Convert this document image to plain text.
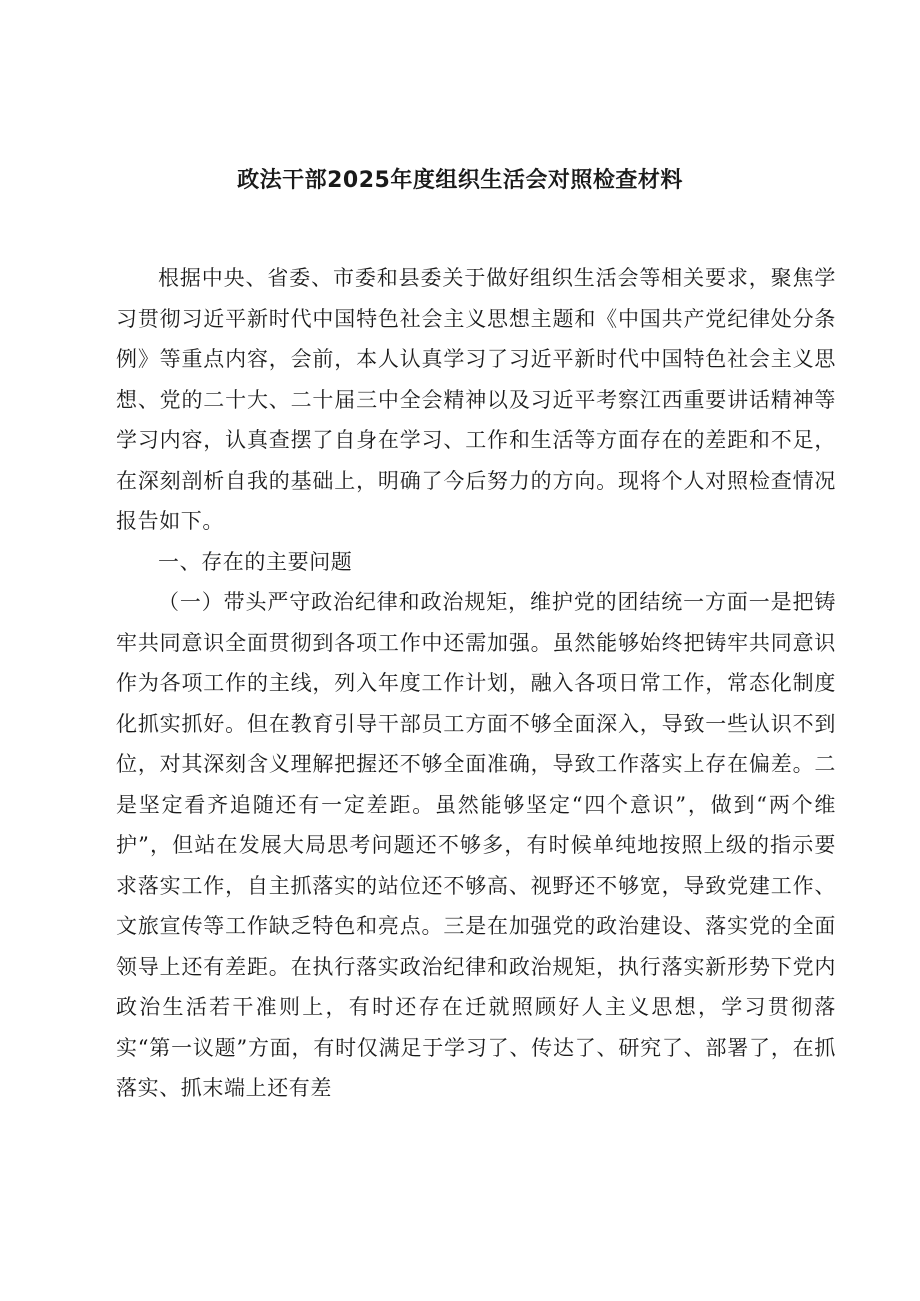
政法干部2025年度组织生活会对照检查材料

根据中央、省委、市委和县委关于做好组织生活会等相关要求，聚焦学习贯彻习近平新时代中国特色社会主义思想主题和《中国共产党纪律处分条例》等重点内容，会前，本人认真学习了习近平新时代中国特色社会主义思想、党的二十大、二十届三中全会精神以及习近平考察江西重要讲话精神等学习内容，认真查摆了自身在学习、工作和生活等方面存在的差距和不足，在深刻剖析自我的基础上，明确了今后努力的方向。现将个人对照检查情况报告如下。

一、存在的主要问题

（一）带头严守政治纪律和政治规矩，维护党的团结统一方面一是把铸牢共同意识全面贯彻到各项工作中还需加强。虽然能够始终把铸牢共同意识作为各项工作的主线，列入年度工作计划，融入各项日常工作，常态化制度化抓实抓好。但在教育引导干部员工方面不够全面深入，导致一些认识不到位，对其深刻含义理解把握还不够全面准确，导致工作落实上存在偏差。二是坚定看齐追随还有一定差距。虽然能够坚定“四个意识”，做到“两个维护”，但站在发展大局思考问题还不够多，有时候单纯地按照上级的指示要求落实工作，自主抓落实的站位还不够高、视野还不够宽，导致党建工作、文旅宣传等工作缺乏特色和亮点。三是在加强党的政治建设、落实党的全面领导上还有差距。在执行落实政治纪律和政治规矩，执行落实新形势下党内政治生活若干准则上，有时还存在迁就照顾好人主义思想，学习贯彻落实“第一议题”方面，有时仅满足于学习了、传达了、研究了、部署了，在抓落实、抓末端上还有差
